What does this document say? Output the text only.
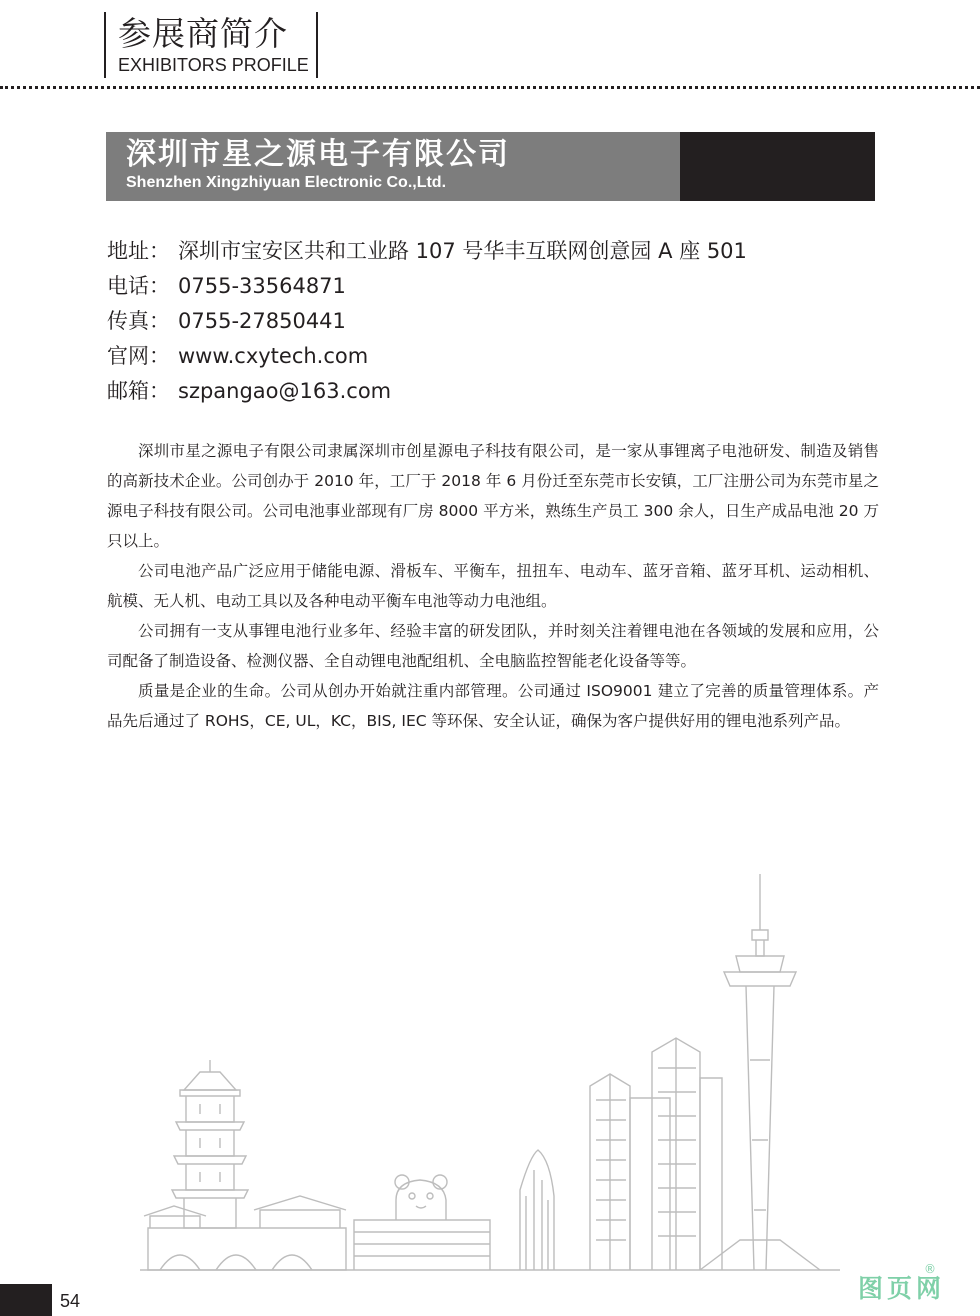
参展商简介
EXHIBITORS PROFILE
深圳市星之源电子有限公司
Shenzhen Xingzhiyuan Electronic Co.,Ltd.
地址： 深圳市宝安区共和工业路 107 号华丰互联网创意园 A 座 501
电话： 0755-33564871
传真： 0755-27850441
官网： www.cxytech.com
邮箱： szpangao@163.com

深圳市星之源电子有限公司隶属深圳市创星源电子科技有限公司，是一家从事锂离子电池研发、制造及销售的高新技术企业。公司创办于 2010 年，工厂于 2018 年 6 月份迁至东莞市长安镇，工厂注册公司为东莞市星之源电子科技有限公司。公司电池事业部现有厂房 8000 平方米，熟练生产员工 300 余人，日生产成品电池 20 万只以上。

公司电池产品广泛应用于储能电源、滑板车、平衡车，扭扭车、电动车、蓝牙音箱、蓝牙耳机、运动相机、航模、无人机、电动工具以及各种电动平衡车电池等动力电池组。

公司拥有一支从事锂电池行业多年、经验丰富的研发团队，并时刻关注着锂电池在各领域的发展和应用，公司配备了制造设备、检测仪器、全自动锂电池配组机、全电脑监控智能老化设备等等。

质量是企业的生命。公司从创办开始就注重内部管理。公司通过 ISO9001 建立了完善的质量管理体系。产品先后通过了 ROHS，CE, UL，KC，BIS, IEC 等环保、安全认证，确保为客户提供好用的锂电池系列产品。

54	图页网
®
